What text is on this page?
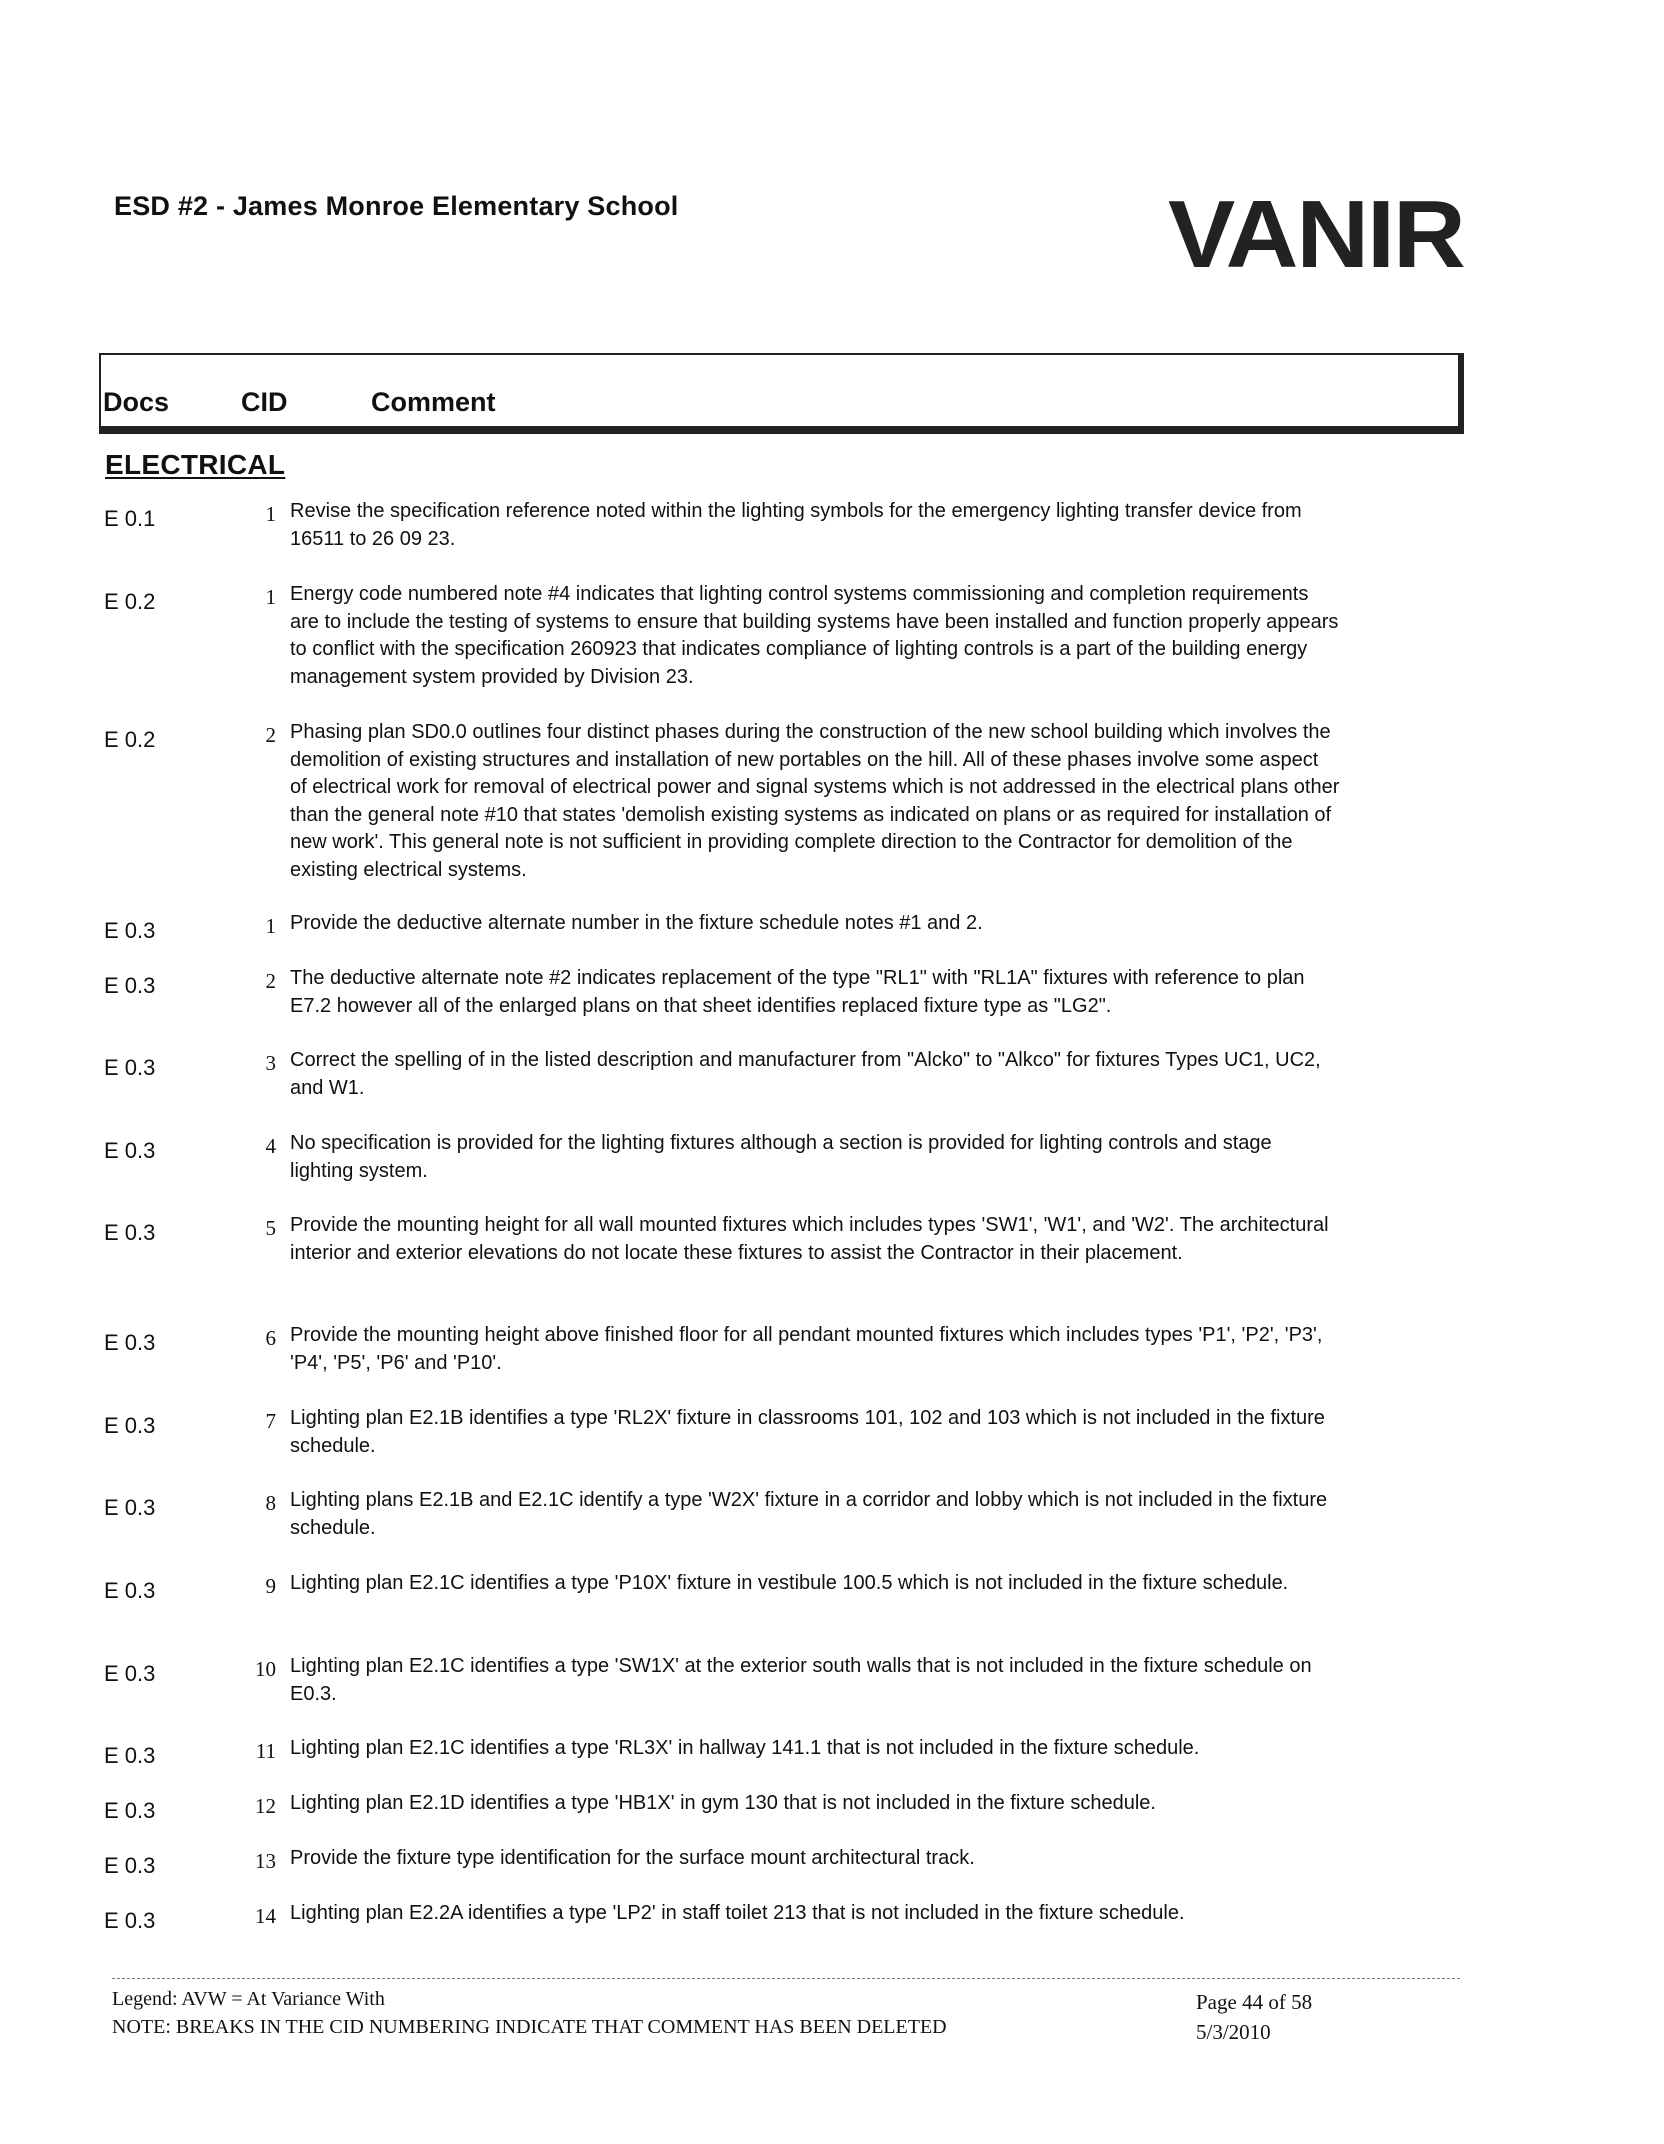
ESD #2 - James Monroe Elementary School	VANIR
Docs	CID	Comment
ELECTRICAL
E 0.1	1 Revise the specification reference noted within the lighting symbols for the emergency lighting transfer device from 16511 to 26 09 23.
E 0.2	1 Energy code numbered note #4 indicates that lighting control systems commissioning and completion requirements are to include the testing of systems to ensure that building systems have been installed and function properly appears to conflict with the specification 260923 that indicates compliance of lighting controls is a part of the building energy management system provided by Division 23.
E 0.2	2 Phasing plan SD0.0 outlines four distinct phases during the construction of the new school building which involves the demolition of existing structures and installation of new portables on the hill. All of these phases involve some aspect of electrical work for removal of electrical power and signal systems which is not addressed in the electrical plans other than the general note #10 that states 'demolish existing systems as indicated on plans or as required for installation of new work'. This general note is not sufficient in providing complete direction to the Contractor for demolition of the existing electrical systems.
E 0.3	1 Provide the deductive alternate number in the fixture schedule notes #1 and 2.
E 0.3	2 The deductive alternate note #2 indicates replacement of the type "RL1" with "RL1A" fixtures with reference to plan E7.2 however all of the enlarged plans on that sheet identifies replaced fixture type as "LG2".
E 0.3	3 Correct the spelling of in the listed description and manufacturer from "Alcko" to "Alkco" for fixtures Types UC1, UC2, and W1.
E 0.3	4 No specification is provided for the lighting fixtures although a section is provided for lighting controls and stage lighting system.
E 0.3	5 Provide the mounting height for all wall mounted fixtures which includes types 'SW1', 'W1', and 'W2'. The architectural interior and exterior elevations do not locate these fixtures to assist the Contractor in their placement.
E 0.3	6 Provide the mounting height above finished floor for all pendant mounted fixtures which includes types 'P1', 'P2', 'P3', 'P4', 'P5', 'P6' and 'P10'.
E 0.3	7 Lighting plan E2.1B identifies a type 'RL2X' fixture in classrooms 101, 102 and 103 which is not included in the fixture schedule.
E 0.3	8 Lighting plans E2.1B and E2.1C identify a type 'W2X' fixture in a corridor and lobby which is not included in the fixture schedule.
E 0.3	9 Lighting plan E2.1C identifies a type 'P10X' fixture in vestibule 100.5 which is not included in the fixture schedule.
E 0.3	10 Lighting plan E2.1C identifies a type 'SW1X' at the exterior south walls that is not included in the fixture schedule on E0.3.
E 0.3	11 Lighting plan E2.1C identifies a type 'RL3X' in hallway 141.1 that is not included in the fixture schedule.
E 0.3	12 Lighting plan E2.1D identifies a type 'HB1X' in gym 130 that is not included in the fixture schedule.
E 0.3	13 Provide the fixture type identification for the surface mount architectural track.
E 0.3	14 Lighting plan E2.2A identifies a type 'LP2' in staff toilet 213 that is not included in the fixture schedule.
Legend: AVW = At Variance With
NOTE: BREAKS IN THE CID NUMBERING INDICATE THAT COMMENT HAS BEEN DELETED
Page 44 of 58
5/3/2010
